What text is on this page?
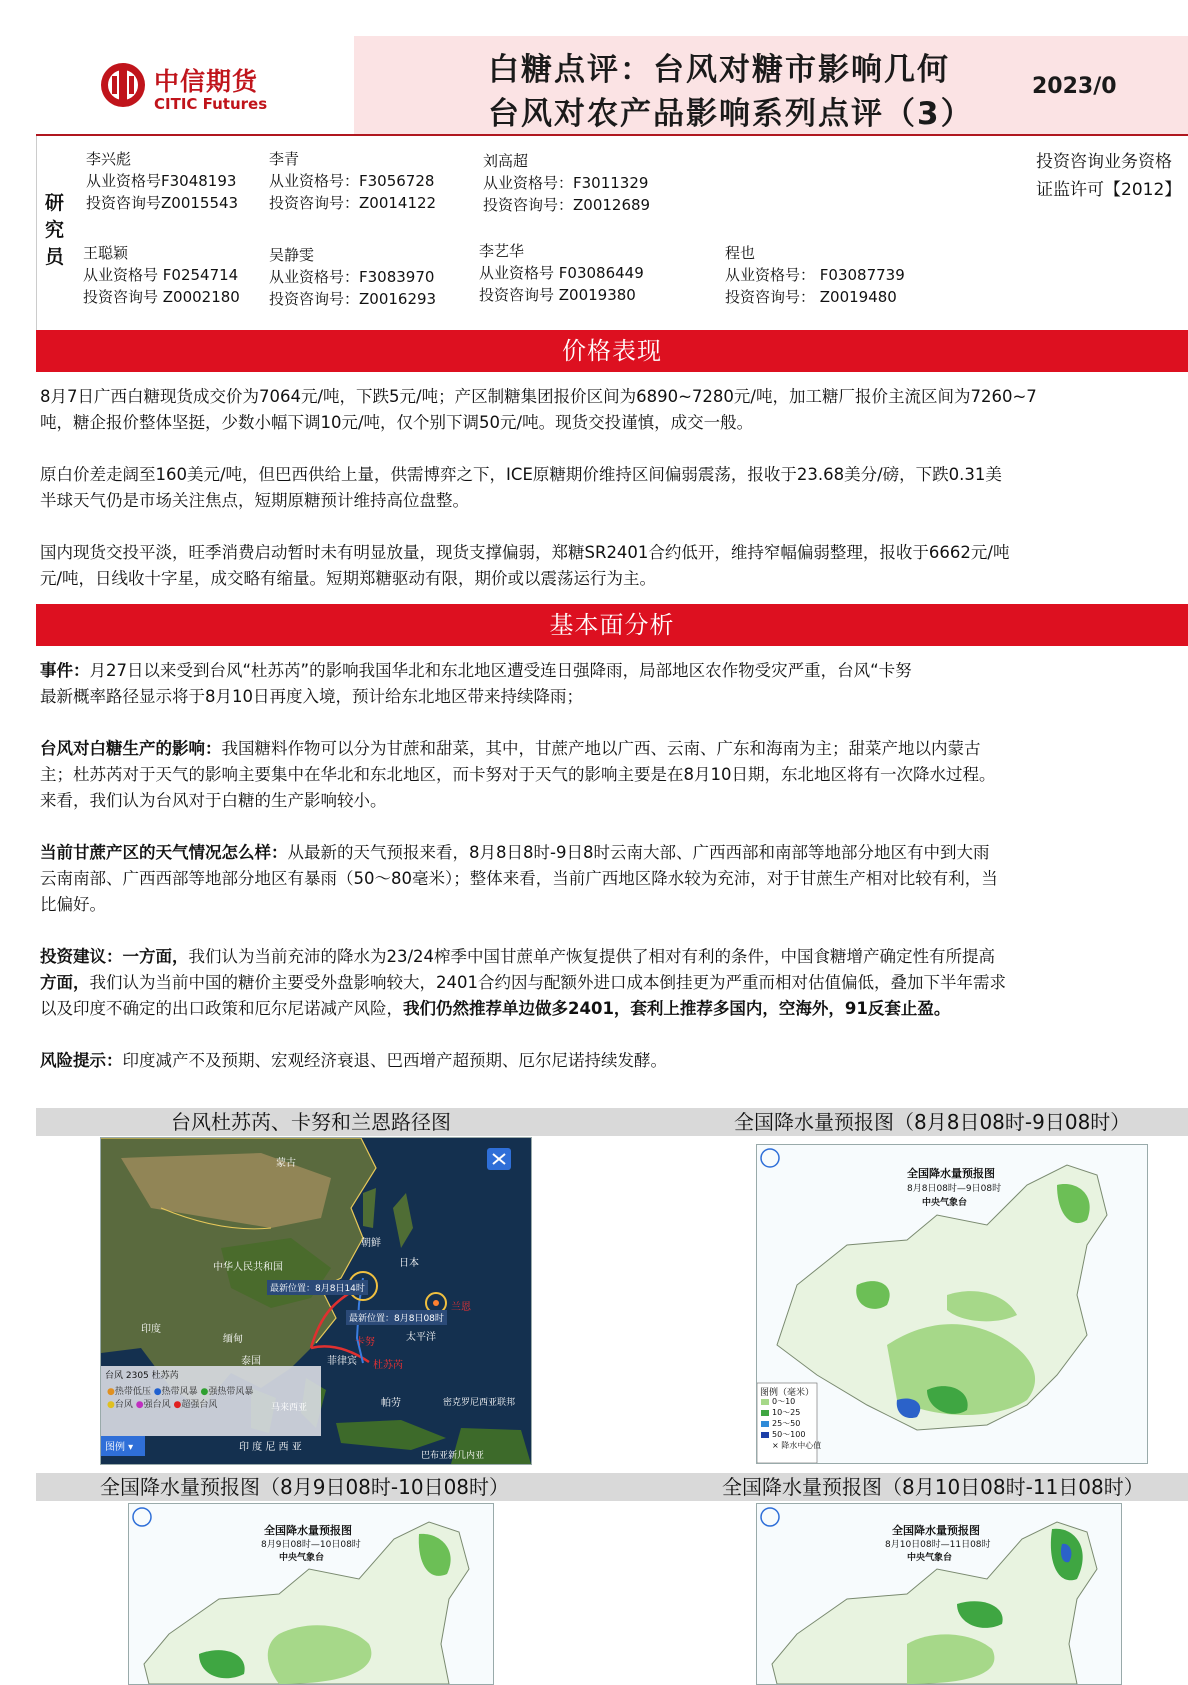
中信期货
CITIC Futures
白糖点评：台风对糖市影响几何
台风对农产品影响系列点评（3）
2023/0
研
究
员
李兴彪
从业资格号F3048193
投资咨询号Z0015543
李青
从业资格号：F3056728
投资咨询号：Z0014122
刘高超
从业资格号：F3011329
投资咨询号：Z0012689
王聪颖
从业资格号 F0254714
投资咨询号 Z0002180
吴静雯
从业资格号：F3083970
投资咨询号：Z0016293
李艺华
从业资格号 F03086449
投资咨询号 Z0019380
程也
从业资格号： F03087739
投资咨询号： Z0019480
投资咨询业务资格
证监许可【2012】
价格表现
8月7日广西白糖现货成交价为7064元/吨，下跌5元/吨；产区制糖集团报价区间为6890~7280元/吨，加工糖厂报价主流区间为7260~7
吨，糖企报价整体坚挺，少数小幅下调10元/吨，仅个别下调50元/吨。现货交投谨慎，成交一般。
原白价差走阔至160美元/吨，但巴西供给上量，供需博弈之下，ICE原糖期价维持区间偏弱震荡，报收于23.68美分/磅，下跌0.31美
半球天气仍是市场关注焦点，短期原糖预计维持高位盘整。
国内现货交投平淡，旺季消费启动暂时未有明显放量，现货支撑偏弱，郑糖SR2401合约低开，维持窄幅偏弱整理，报收于6662元/吨
元/吨，日线收十字星，成交略有缩量。短期郑糖驱动有限，期价或以震荡运行为主。
基本面分析
事件：月27日以来受到台风“杜苏芮”的影响我国华北和东北地区遭受连日强降雨，局部地区农作物受灾严重，台风“卡努
最新概率路径显示将于8月10日再度入境，预计给东北地区带来持续降雨；
台风对白糖生产的影响：我国糖料作物可以分为甘蔗和甜菜，其中，甘蔗产地以广西、云南、广东和海南为主；甜菜产地以内蒙古
主；杜苏芮对于天气的影响主要集中在华北和东北地区，而卡努对于天气的影响主要是在8月10日期，东北地区将有一次降水过程。
来看，我们认为台风对于白糖的生产影响较小。
当前甘蔗产区的天气情况怎么样：从最新的天气预报来看，8月8日8时-9日8时云南大部、广西西部和南部等地部分地区有中到大雨
云南南部、广西西部等地部分地区有暴雨（50～80毫米）；整体来看，当前广西地区降水较为充沛，对于甘蔗生产相对比较有利，当
比偏好。
投资建议：一方面，我们认为当前充沛的降水为23/24榨季中国甘蔗单产恢复提供了相对有利的条件，中国食糖增产确定性有所提高
方面，我们认为当前中国的糖价主要受外盘影响较大，2401合约因与配额外进口成本倒挂更为严重而相对估值偏低，叠加下半年需求
以及印度不确定的出口政策和厄尔尼诺减产风险，我们仍然推荐单边做多2401，套利上推荐多国内，空海外，91反套止盈。
风险提示：印度减产不及预期、宏观经济衰退、巴西增产超预期、厄尔尼诺持续发酵。
台风杜苏芮、卡努和兰恩路径图	全国降水量预报图（8月8日08时-9日08时）
蒙古
中华人民共和国
印度
缅甸
泰国
日本
朝鲜
菲律宾
太平洋
帕劳	密克罗尼西亚联邦
印 度 尼 西 亚
巴布亚新几内亚
马来西亚
最新位置：8月8日14时
最新位置：8月8日08时
兰恩
卡努
杜苏芮
台风 2305 杜苏芮
●热带低压 ●热带风暴 ●强热带风暴
●台风 ●强台风 ●超强台风
图例 ▾
全国降水量预报图
8月8日08时—9日08时
中央气象台
图例（毫米）
0～10
10～25
25～50
50～100
× 降水中心值
全国降水量预报图（8月9日08时-10日08时）	全国降水量预报图（8月10日08时-11日08时）
全国降水量预报图
8月9日08时—10日08时
中央气象台
全国降水量预报图
8月10日08时—11日08时
中央气象台
